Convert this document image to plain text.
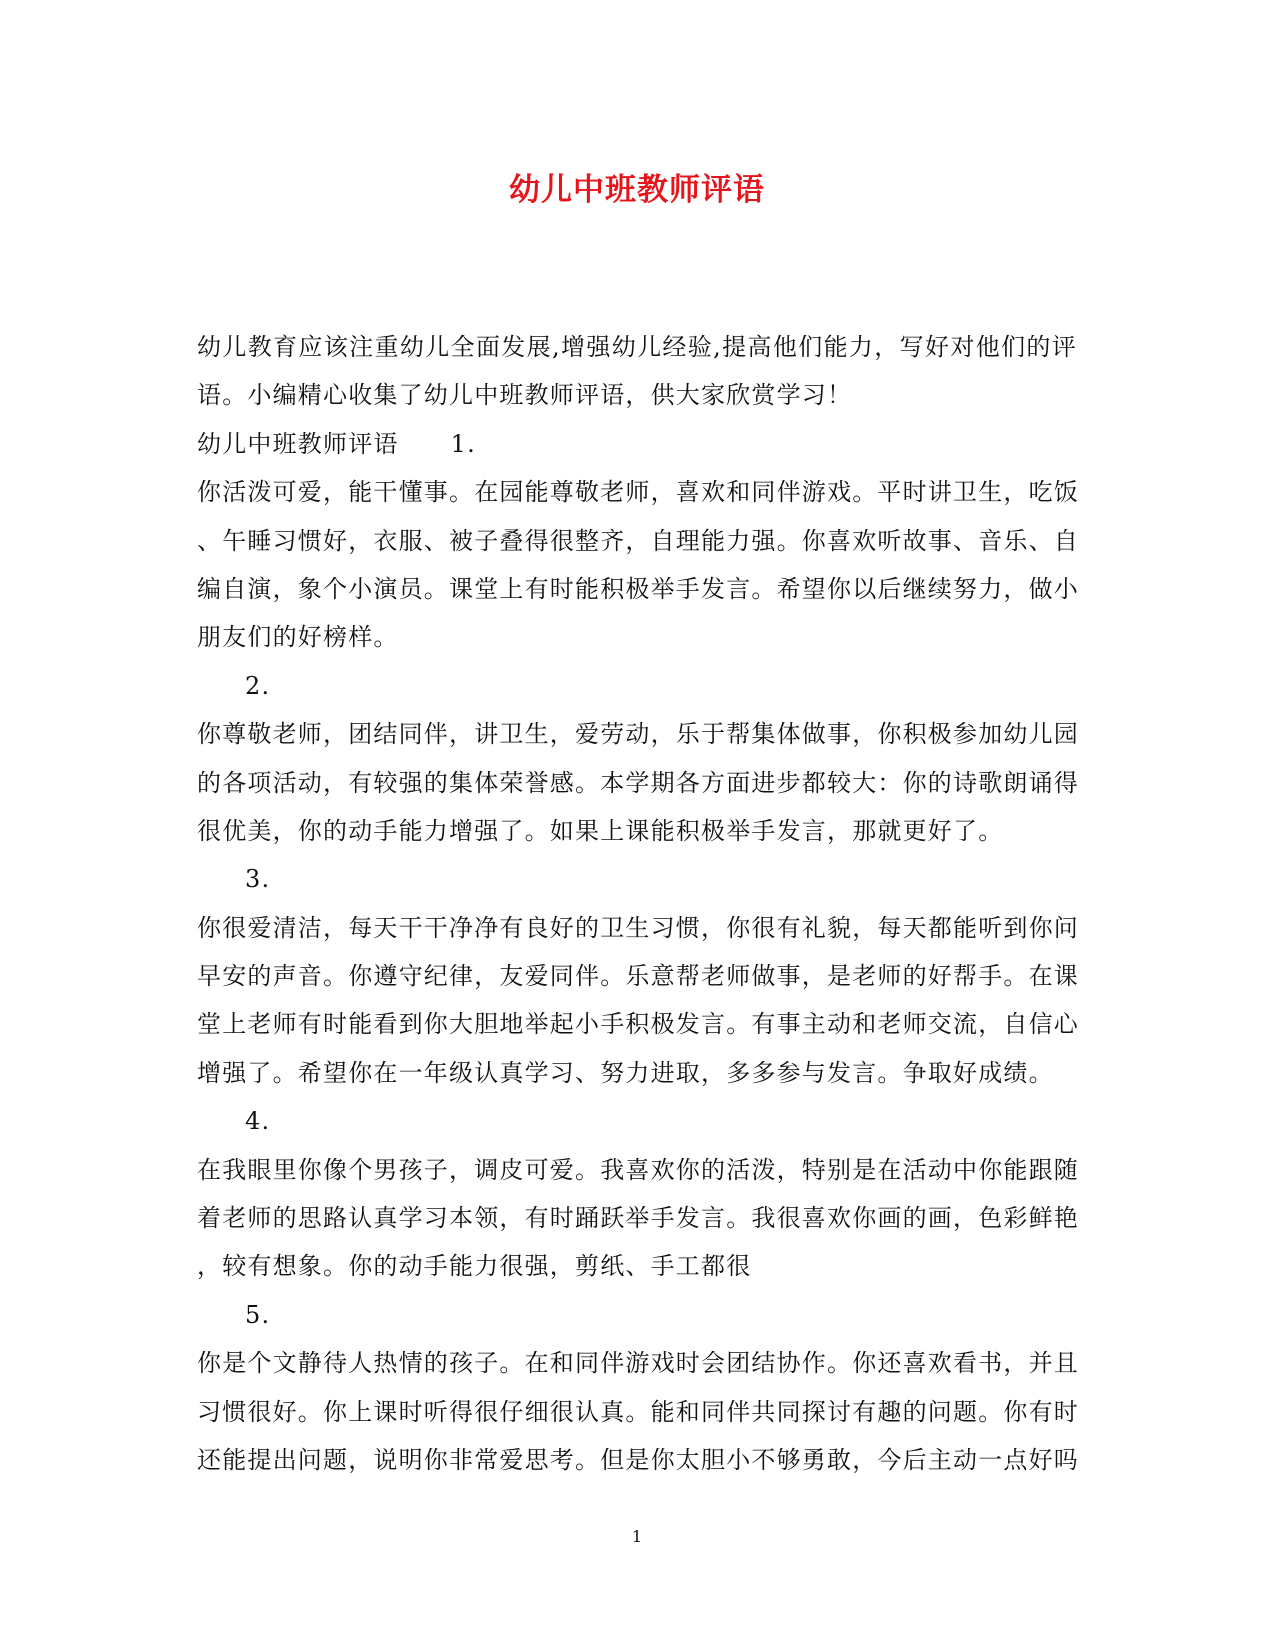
幼儿中班教师评语
幼儿教育应该注重幼儿全面发展,增强幼儿经验,提高他们能力，写好对他们的评
语。小编精心收集了幼儿中班教师评语，供大家欣赏学习！
幼儿中班教师评语 1.
你活泼可爱，能干懂事。在园能尊敬老师，喜欢和同伴游戏。平时讲卫生，吃饭
、午睡习惯好，衣服、被子叠得很整齐，自理能力强。你喜欢听故事、音乐、自
编自演，象个小演员。课堂上有时能积极举手发言。希望你以后继续努力，做小
朋友们的好榜样。
2.
你尊敬老师，团结同伴，讲卫生，爱劳动，乐于帮集体做事，你积极参加幼儿园
的各项活动，有较强的集体荣誉感。本学期各方面进步都较大：你的诗歌朗诵得
很优美，你的动手能力增强了。如果上课能积极举手发言，那就更好了。
3.
你很爱清洁，每天干干净净有良好的卫生习惯，你很有礼貌，每天都能听到你问
早安的声音。你遵守纪律，友爱同伴。乐意帮老师做事，是老师的好帮手。在课
堂上老师有时能看到你大胆地举起小手积极发言。有事主动和老师交流，自信心
增强了。希望你在一年级认真学习、努力进取，多多参与发言。争取好成绩。
4.
在我眼里你像个男孩子，调皮可爱。我喜欢你的活泼，特别是在活动中你能跟随
着老师的思路认真学习本领，有时踊跃举手发言。我很喜欢你画的画，色彩鲜艳
，较有想象。你的动手能力很强，剪纸、手工都很
5.
你是个文静待人热情的孩子。在和同伴游戏时会团结协作。你还喜欢看书，并且
习惯很好。你上课时听得很仔细很认真。能和同伴共同探讨有趣的问题。你有时
还能提出问题，说明你非常爱思考。但是你太胆小不够勇敢，今后主动一点好吗
1
